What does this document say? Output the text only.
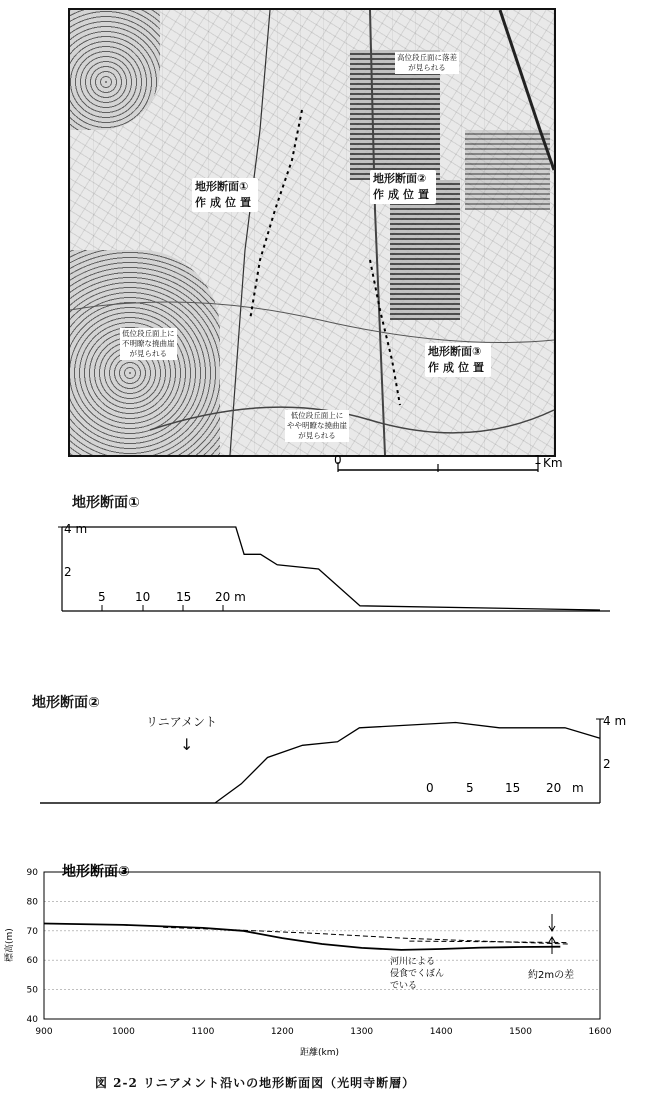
地形断面①
作成位置
地形断面②
作成位置
地形断面③
作成位置
高位段丘面に落差
が見られる
低位段丘面上に
不明瞭な撓曲崖
が見られる
低位段丘面上に
やや明瞭な撓曲崖
が見られる
0	1 Km
地形断面①
4 m
2
5 10 15 20 m
地形断面②
リニアメント
↓
4 m
2
0	5	15 20 m
40
50
60
70
80
90
900	1000	1100	1200	1300	1400	1500	1600
地形断面③
標高(m)
距離(km)
河川による
侵食でくぼん
でいる
約2mの差
図 2-2 リニアメント沿いの地形断面図（光明寺断層）
